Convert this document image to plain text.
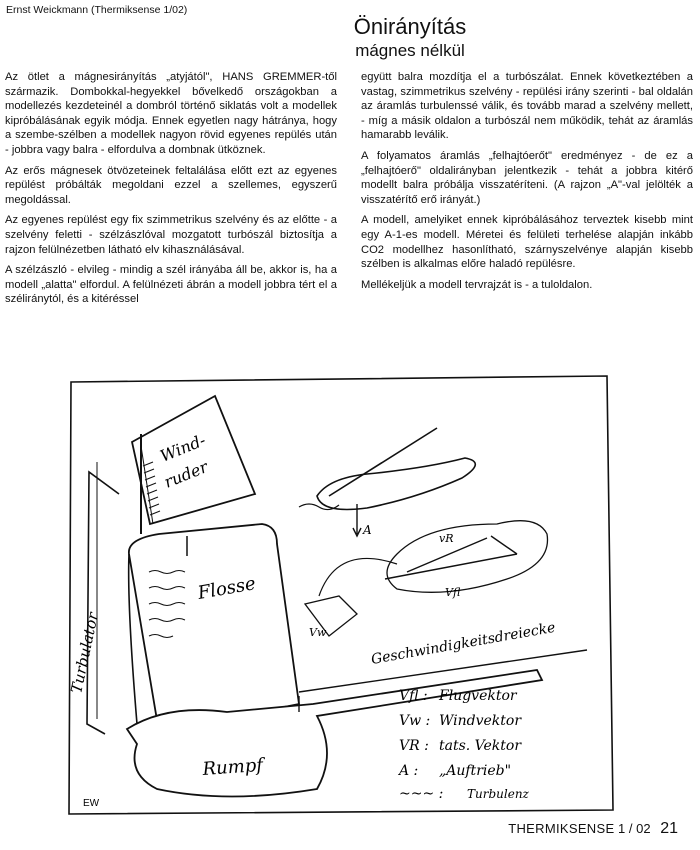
Ernst Weickmann (Thermiksense 1/02)
Önirányítás
mágnes nélkül

Az ötlet a mágnesirányítás „atyjától", HANS GREMMER-től származik. Dombokkal-hegyekkel bővelkedő országokban a modellezés kezdeteinél a dombról történő siklatás volt a modellek kipróbálásának egyik módja. Ennek egyetlen nagy hátránya, hogy a szembe-szélben a modellek nagyon rövid egyenes repülés után - jobbra vagy balra - elfordulva a dombnak ütköznek.

Az erős mágnesek ötvözeteinek feltalálása előtt ezt az egyenes repülést próbálták megoldani ezzel a szellemes, egyszerű megoldással.

Az egyenes repülést egy fix szimmetrikus szelvény és az előtte - a szelvény feletti - szélzászlóval mozgatott turbószál biztosítja a rajzon felülnézetben látható elv kihasználásával.

A szélzászló - elvileg - mindig a szél irányába áll be, akkor is, ha a modell „alatta" elfordul. A felülnézeti ábrán a modell jobbra tért el a széliránytól, és a kitéréssel

együtt balra mozdítja el a turbószálat. Ennek következtében a vastag, szimmetrikus szelvény - repülési irány szerinti - bal oldalán az áramlás turbulenssé válik, és tovább marad a szelvény mellett, - míg a másik oldalon a turbószál nem működik, tehát az áramlás hamarabb leválik.

A folyamatos áramlás „felhajtóerőt" eredményez - de ez a „felhajtóerő" oldalirányban jelentkezik - tehát a jobbra kitérő modellt balra próbálja visszatéríteni. (A rajzon „A"-val jelölték a visszatérítő erő irányát.)

A modell, amelyiket ennek kipróbálásához terveztek kisebb mint egy A-1-es modell. Méretei és felületi terhelése alapján inkább CO2 modellhez hasonlítható, szárnyszelvénye alapján kisebb szélben is alkalmas előre haladó repülésre.

Mellékeljük a modell tervrajzát is - a tuloldalon.

A
vR
Vfl
Vw	Geschwindigkeitsdreiecke
Wind-
ruder
Flosse
Turbulator
Rumpf
EW
Vfl : Flugvektor
Vw : Windvektor
VR : tats. Vektor
A : „Auftrieb"
~~~ : Turbulenz
THERMIKSENSE 1 / 02 21
